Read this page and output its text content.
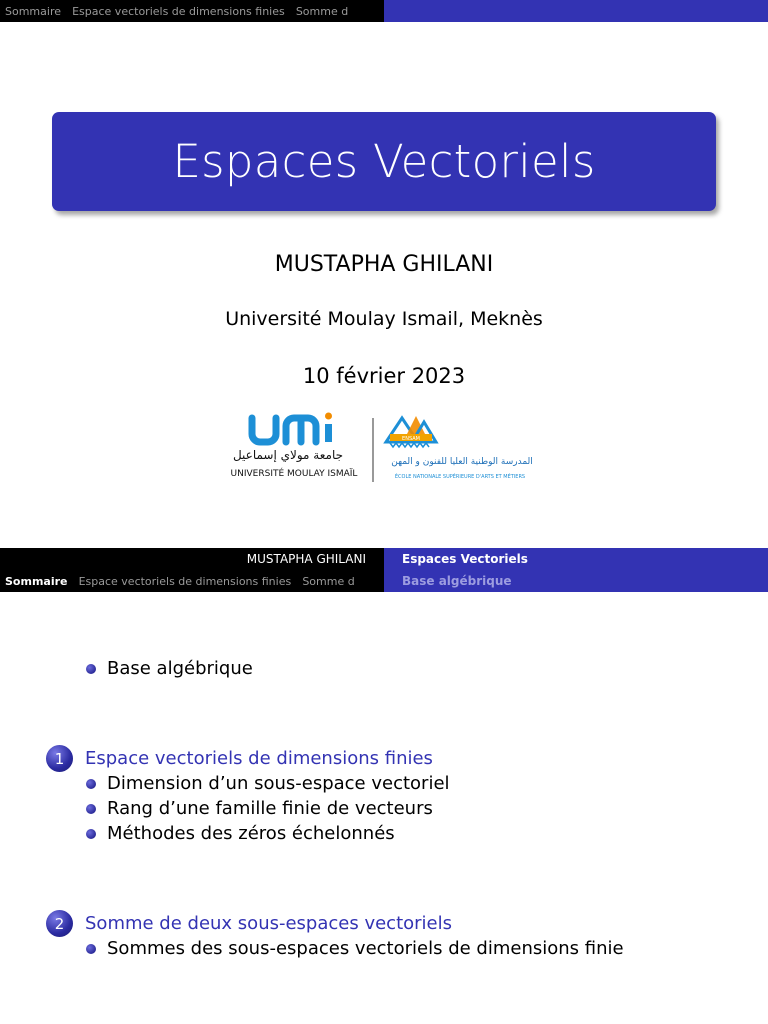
Sommaire Espace vectoriels de dimensions finies Somme d
Espaces Vectoriels
MUSTAPHA GHILANI
Université Moulay Ismail, Meknès
10 février 2023
جامعة مولاي إسماعيل
UNIVERSITÉ MOULAY ISMAÏL
ENSAM
المدرسة الوطنية العليا للفنون و المهن
ÉCOLE NATIONALE SUPÉRIEURE D'ARTS ET MÉTIERS
MUSTAPHA GHILANI	Espaces Vectoriels
Sommaire Espace vectoriels de dimensions finies Somme d	Base algébrique
Base algébrique
1	Espace vectoriels de dimensions finies
Dimension d’un sous-espace vectoriel
Rang d’une famille finie de vecteurs
Méthodes des zéros échelonnés
2	Somme de deux sous-espaces vectoriels
Sommes des sous-espaces vectoriels de dimensions finie
